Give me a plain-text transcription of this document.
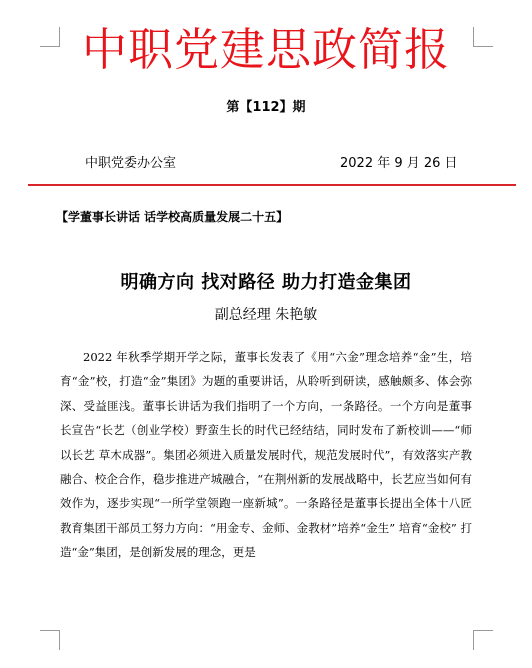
中职党建思政简报
第【112】期
中职党委办公室	2022 年 9 月 26 日
【学董事长讲话 话学校高质量发展二十五】
明确方向 找对路径 助力打造金集团
副总经理 朱艳敏

2022 年秋季学期开学之际，董事长发表了《用“六金”理念培养“金”生，培育“金”校，打造“金”集团》为题的重要讲话，从聆听到研读，感触颇多、体会弥深、受益匪浅。董事长讲话为我们指明了一个方向，一条路径。一个方向是董事长宣告“长艺（创业学校）野蛮生长的时代已经结结，同时发布了新校训——“师以长艺 草木成器”。集团必须进入质量发展时代，规范发展时代”，有效落实产教融合、校企合作，稳步推进产城融合，“在荆州新的发展战略中，长艺应当如何有效作为，逐步实现“一所学堂领跑一座新城”。一条路径是董事长提出全体十八匠教育集团干部员工努力方向：“用金专、金师、金教材”培养“金生” 培育“金校” 打造“金”集团，是创新发展的理念，更是
